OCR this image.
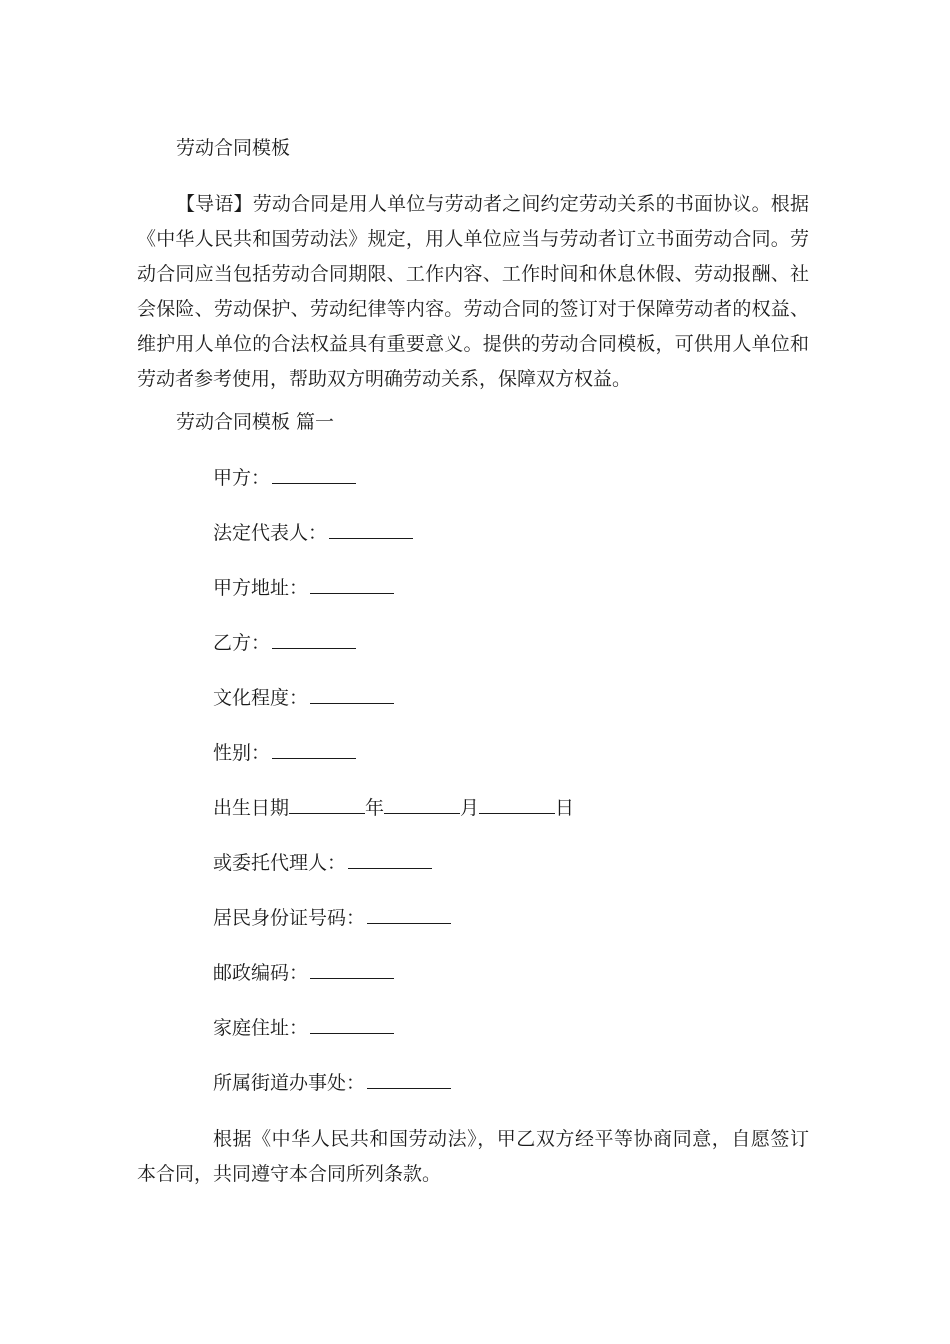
劳动合同模板
【导语】劳动合同是用人单位与劳动者之间约定劳动关系的书面协议。根据《中华人民共和国劳动法》规定，用人单位应当与劳动者订立书面劳动合同。劳动合同应当包括劳动合同期限、工作内容、工作时间和休息休假、劳动报酬、社会保险、劳动保护、劳动纪律等内容。劳动合同的签订对于保障劳动者的权益、维护用人单位的合法权益具有重要意义。提供的劳动合同模板，可供用人单位和劳动者参考使用，帮助双方明确劳动关系，保障双方权益。
劳动合同模板 篇一
甲方：
法定代表人：
甲方地址：
乙方：
文化程度：
性别：
出生日期	年	月	日
或委托代理人：
居民身份证号码：
邮政编码：
家庭住址：
所属街道办事处：
根据《中华人民共和国劳动法》，甲乙双方经平等协商同意，自愿签订本合同，共同遵守本合同所列条款。
